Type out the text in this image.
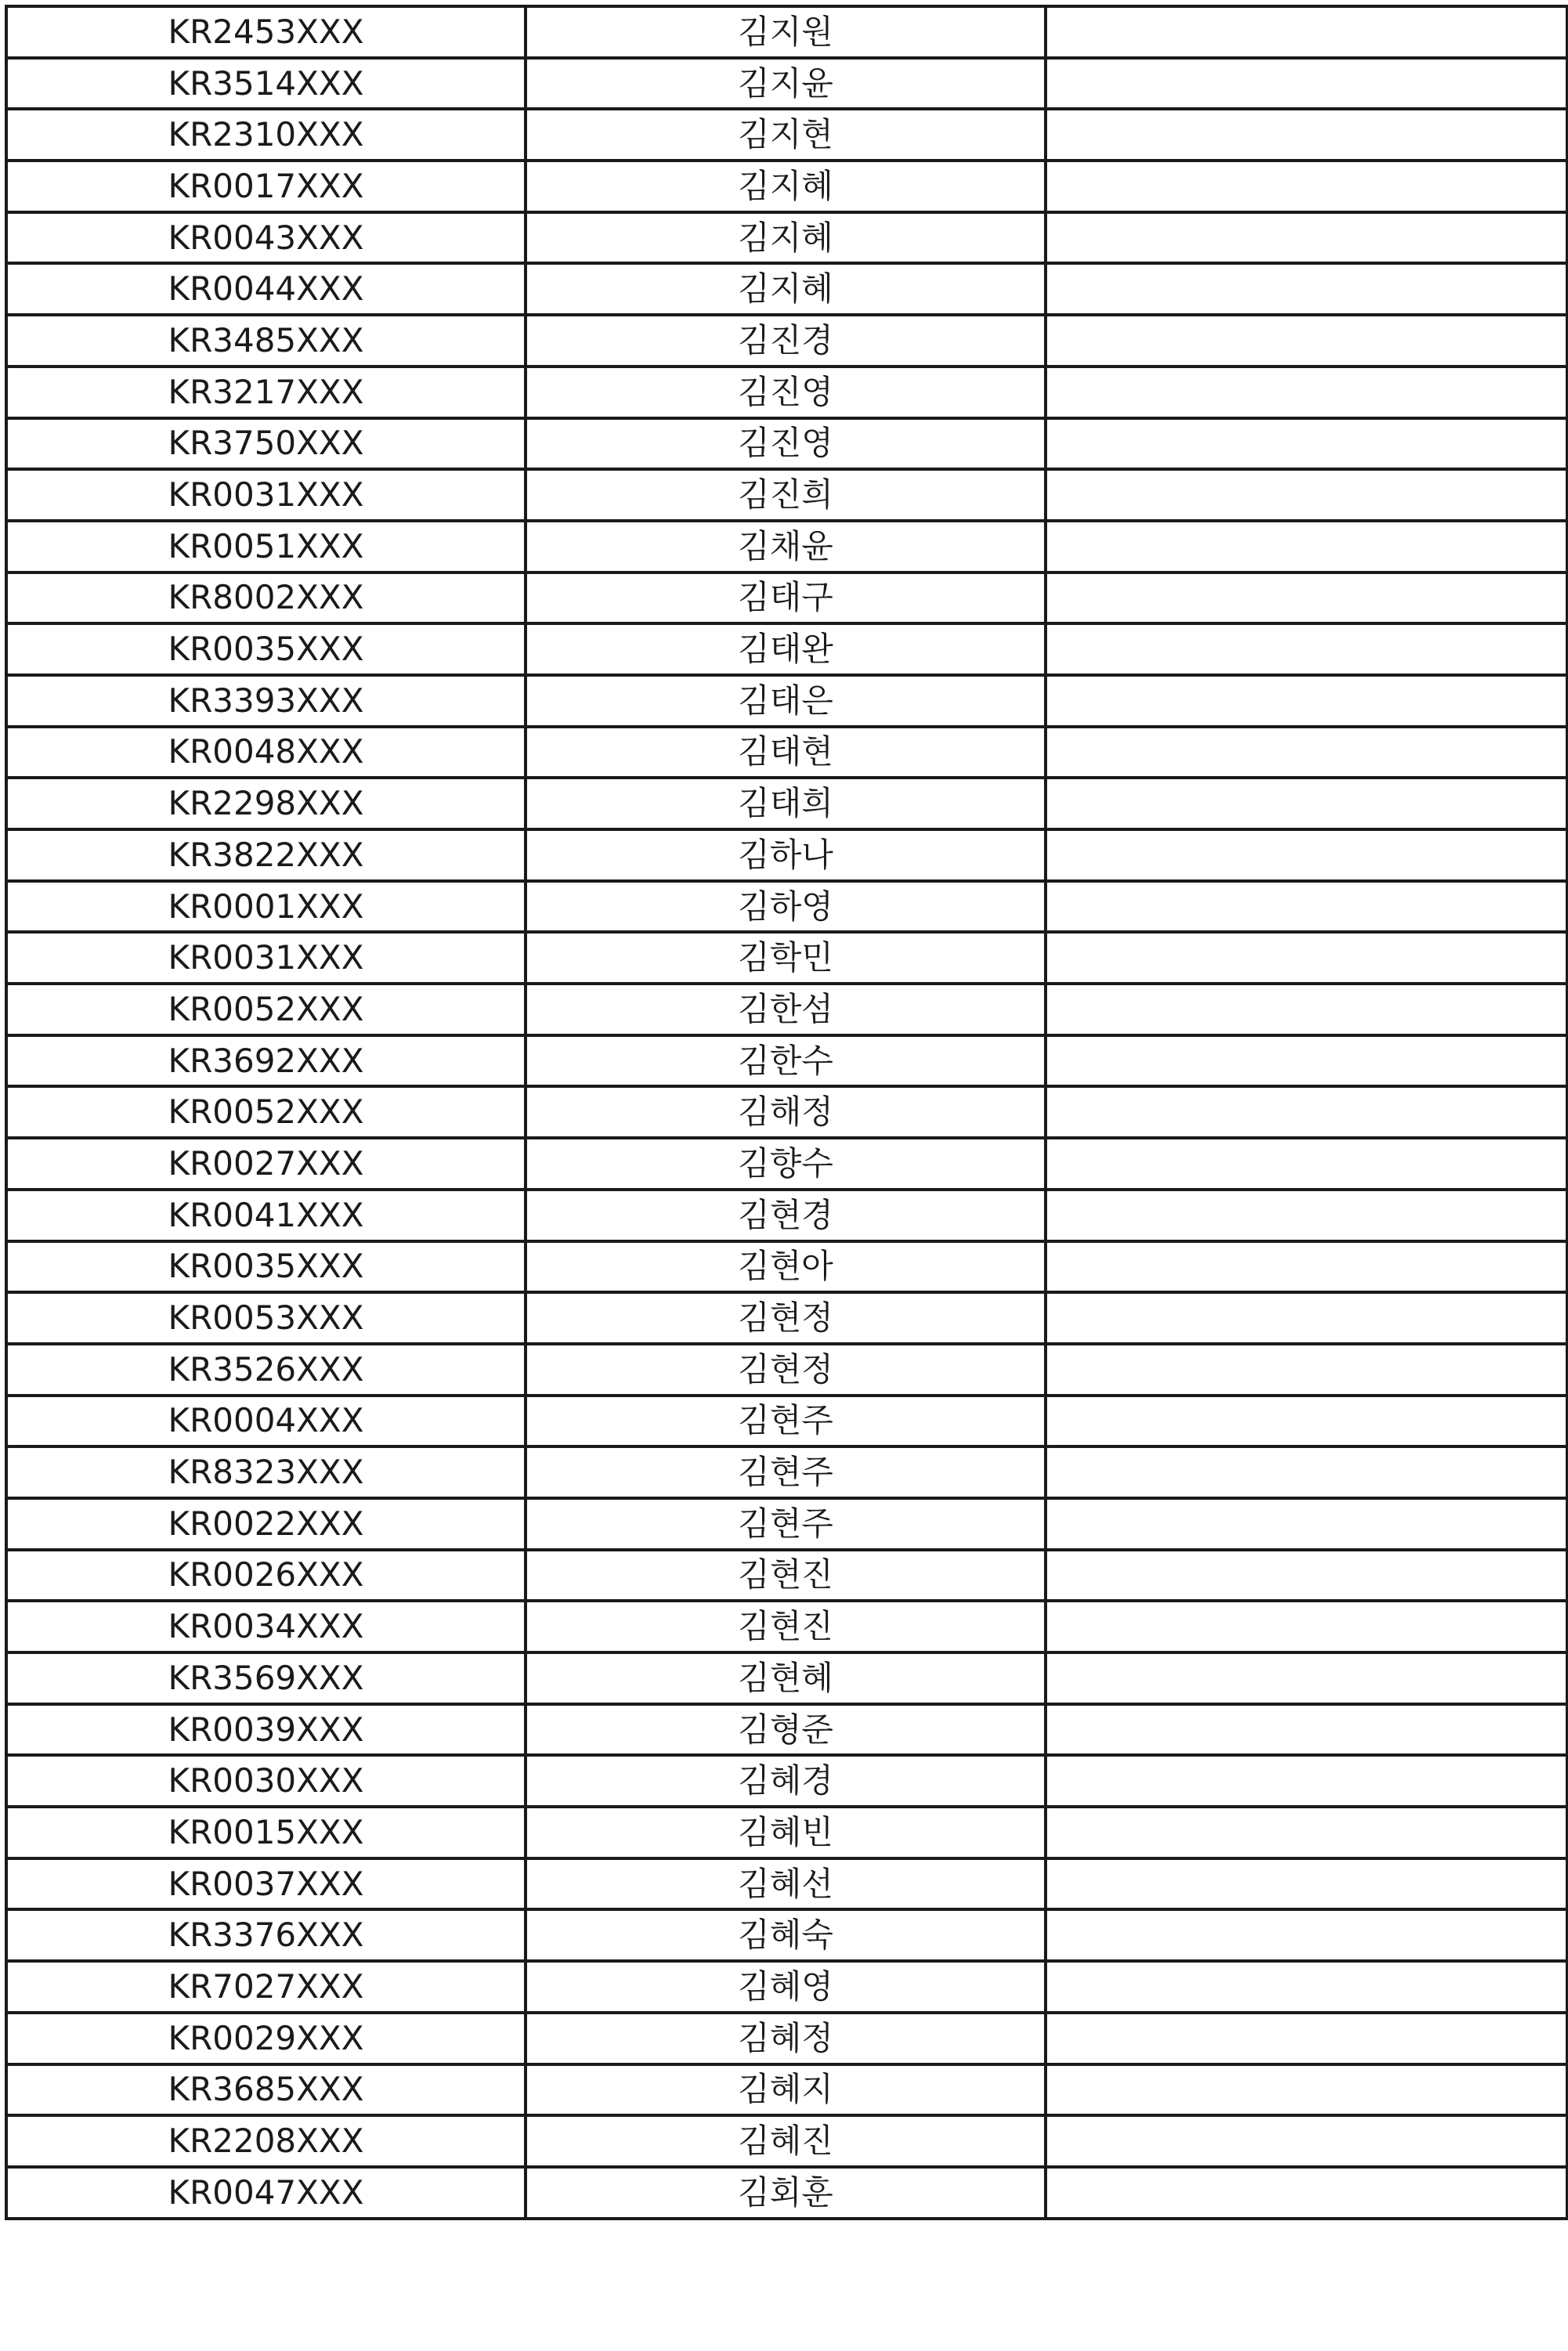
KR2453XXX	김지원	
KR3514XXX	김지윤	
KR2310XXX	김지현	
KR0017XXX	김지혜	
KR0043XXX	김지혜	
KR0044XXX	김지혜	
KR3485XXX	김진경	
KR3217XXX	김진영	
KR3750XXX	김진영	
KR0031XXX	김진희	
KR0051XXX	김채윤	
KR8002XXX	김태구	
KR0035XXX	김태완	
KR3393XXX	김태은	
KR0048XXX	김태현	
KR2298XXX	김태희	
KR3822XXX	김하나	
KR0001XXX	김하영	
KR0031XXX	김학민	
KR0052XXX	김한섬	
KR3692XXX	김한수	
KR0052XXX	김해정	
KR0027XXX	김향수	
KR0041XXX	김현경	
KR0035XXX	김현아	
KR0053XXX	김현정	
KR3526XXX	김현정	
KR0004XXX	김현주	
KR8323XXX	김현주	
KR0022XXX	김현주	
KR0026XXX	김현진	
KR0034XXX	김현진	
KR3569XXX	김현혜	
KR0039XXX	김형준	
KR0030XXX	김혜경	
KR0015XXX	김혜빈	
KR0037XXX	김혜선	
KR3376XXX	김혜숙	
KR7027XXX	김혜영	
KR0029XXX	김혜정	
KR3685XXX	김혜지	
KR2208XXX	김혜진	
KR0047XXX	김회훈	
